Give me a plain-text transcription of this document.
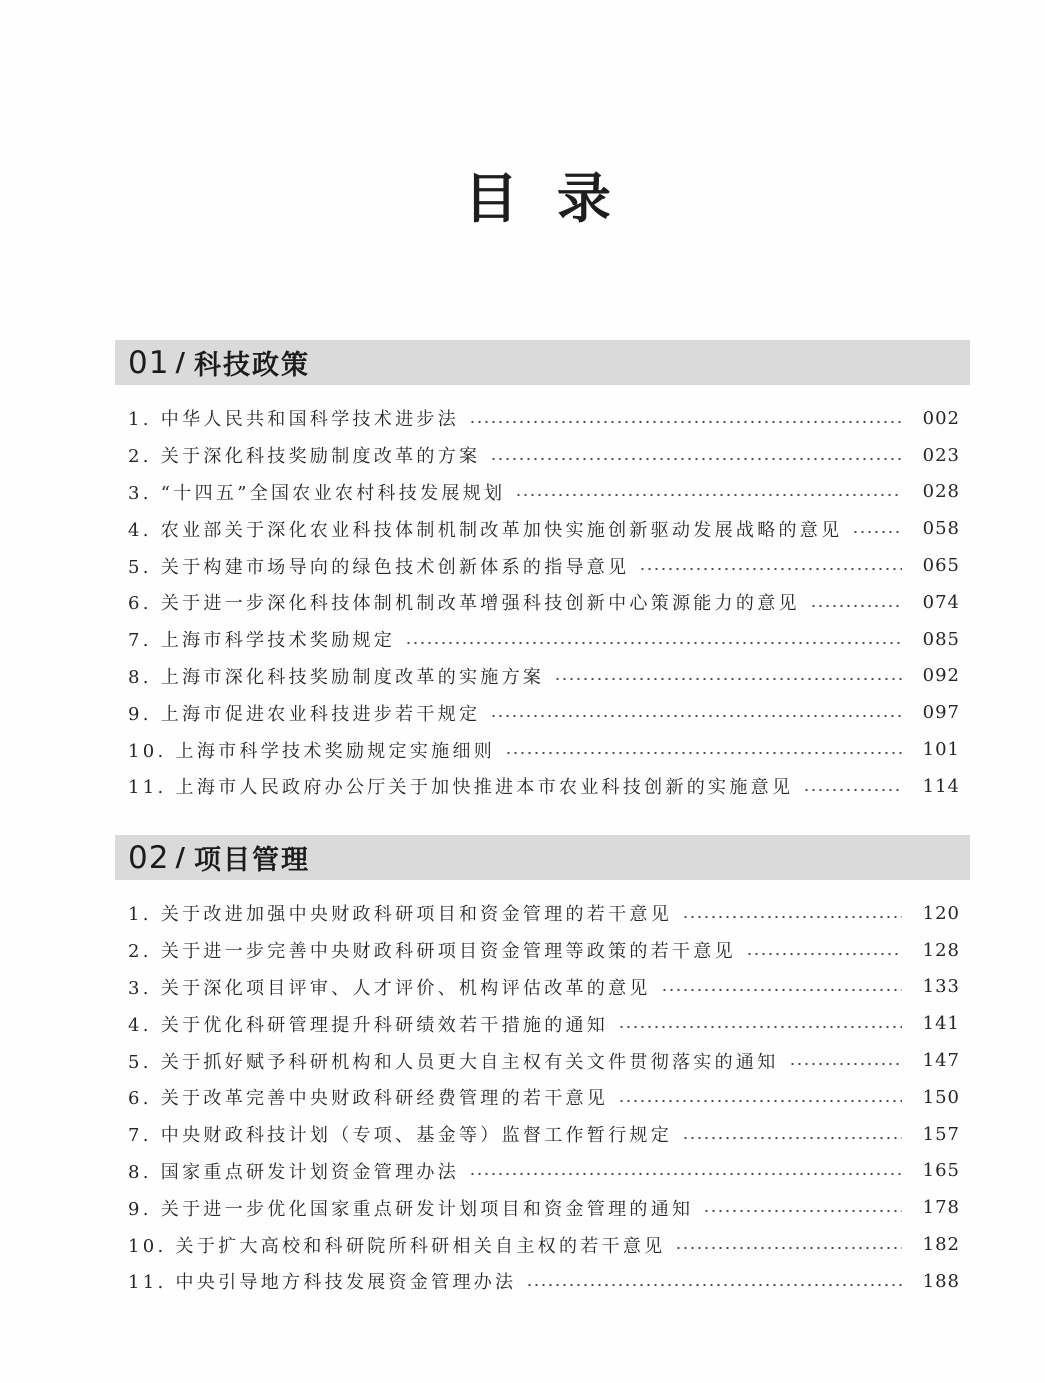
目 录
01 / 科技政策
1. 中华人民共和国科学技术进步法	002
2. 关于深化科技奖励制度改革的方案	023
3. “十四五”全国农业农村科技发展规划	028
4. 农业部关于深化农业科技体制机制改革加快实施创新驱动发展战略的意见	058
5. 关于构建市场导向的绿色技术创新体系的指导意见	065
6. 关于进一步深化科技体制机制改革增强科技创新中心策源能力的意见	074
7. 上海市科学技术奖励规定	085
8. 上海市深化科技奖励制度改革的实施方案	092
9. 上海市促进农业科技进步若干规定	097
10. 上海市科学技术奖励规定实施细则	101
11. 上海市人民政府办公厅关于加快推进本市农业科技创新的实施意见	114
02 / 项目管理
1. 关于改进加强中央财政科研项目和资金管理的若干意见	120
2. 关于进一步完善中央财政科研项目资金管理等政策的若干意见	128
3. 关于深化项目评审、人才评价、机构评估改革的意见	133
4. 关于优化科研管理提升科研绩效若干措施的通知	141
5. 关于抓好赋予科研机构和人员更大自主权有关文件贯彻落实的通知	147
6. 关于改革完善中央财政科研经费管理的若干意见	150
7. 中央财政科技计划（专项、基金等）监督工作暂行规定	157
8. 国家重点研发计划资金管理办法	165
9. 关于进一步优化国家重点研发计划项目和资金管理的通知	178
10. 关于扩大高校和科研院所科研相关自主权的若干意见	182
11. 中央引导地方科技发展资金管理办法	188
